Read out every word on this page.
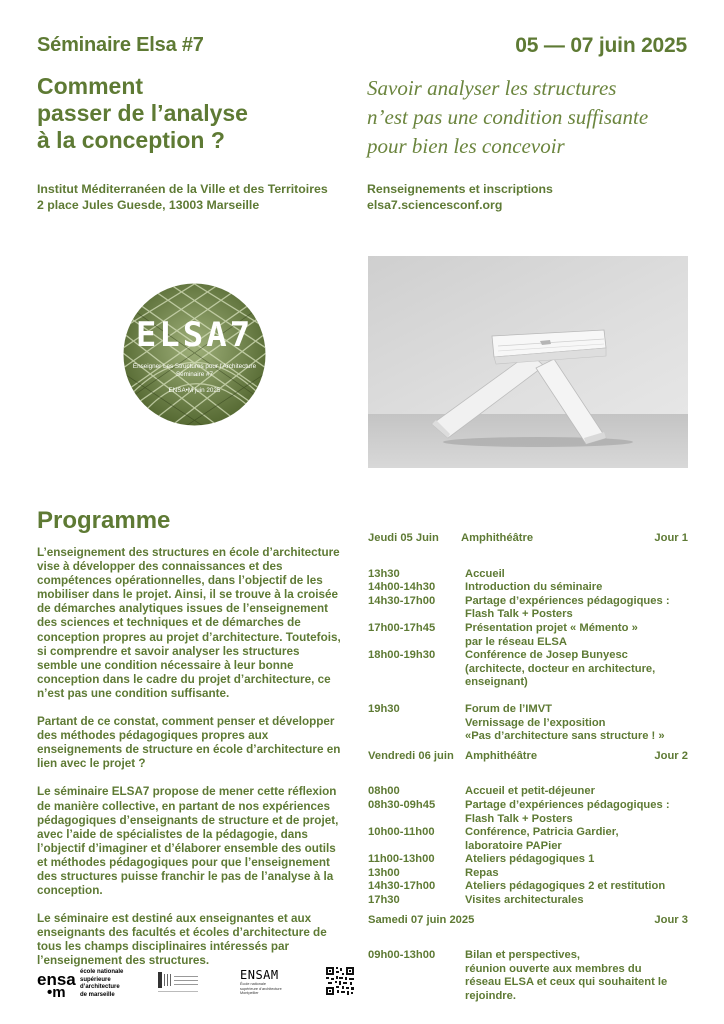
Séminaire Elsa #7	05 — 07 juin 2025
Comment
passer de l’analyse
à la conception ?
Savoir analyser les structures
n’est pas une condition suffisante
pour bien les concevoir
Institut Méditerranéen de la Ville et des Territoires
2 place Jules Guesde, 13003 Marseille
Renseignements et inscriptions
elsa7.sciencesconf.org
ELSA7
Enseigner Les Structures pour l’Architecture
Séminaire #7
ENSA•M juin 2025
Programme

L’enseignement des structures en école d’architecture vise à développer des connaissances et des compétences opérationnelles, dans l’objectif de les mobiliser dans le projet. Ainsi, il se trouve à la croisée de démarches analytiques issues de l’enseignement des sciences et techniques et de démarches de conception propres au projet d’architecture. Toutefois, si comprendre et savoir analyser les structures semble une condition nécessaire à leur bonne conception dans le cadre du projet d’architecture, ce n’est pas une condition suffisante.

Partant de ce constat, comment penser et développer des méthodes pédagogiques propres aux enseignements de structure en école d’architecture en lien avec le projet ?

Le séminaire ELSA7 propose de mener cette réflexion de manière collective, en partant de nos expériences pédagogiques d’enseignants de structure et de projet, avec l’aide de spécialistes de la pédagogie, dans l’objectif d’imaginer et d’élaborer ensemble des outils et méthodes pédagogiques pour que l’enseignement des structures puisse franchir le pas de l’analyse à la conception.

Le séminaire est destiné aux enseignantes et aux enseignants des facultés et écoles d’architecture de tous les champs disciplinaires intéressés par l’enseignement des structures.

Jeudi 05 Juin Amphithéâtre	Jour 1
13h30	Accueil
14h00-14h30	Introduction du séminaire
14h30-17h00	Partage d’expériences pédagogiques :
Flash Talk + Posters
17h00-17h45	Présentation projet « Mémento »
par le réseau ELSA
18h00-19h30	Conférence de Josep Bunyesc
(architecte, docteur en architecture,
enseignant)
19h30	Forum de l’IMVT
Vernissage de l’exposition
«Pas d’architecture sans structure ! »
Vendredi 06 juin Amphithéâtre	Jour 2
08h00	Accueil et petit-déjeuner
08h30-09h45	Partage d’expériences pédagogiques :
Flash Talk + Posters
10h00-11h00	Conférence, Patricia Gardier,
laboratoire PAPier
11h00-13h00	Ateliers pédagogiques 1
13h00	Repas
14h30-17h00	Ateliers pédagogiques 2 et restitution
17h30	Visites architecturales
Samedi 07 juin 2025	Jour 3
09h00-13h00	Bilan et perspectives,
réunion ouverte aux membres du
réseau ELSA et ceux qui souhaitent le
rejoindre.
ensa
•m
école nationale
supérieure
d’architecture
de marseille
ENSAM
École nationale
supérieure d’architecture
Montpellier
